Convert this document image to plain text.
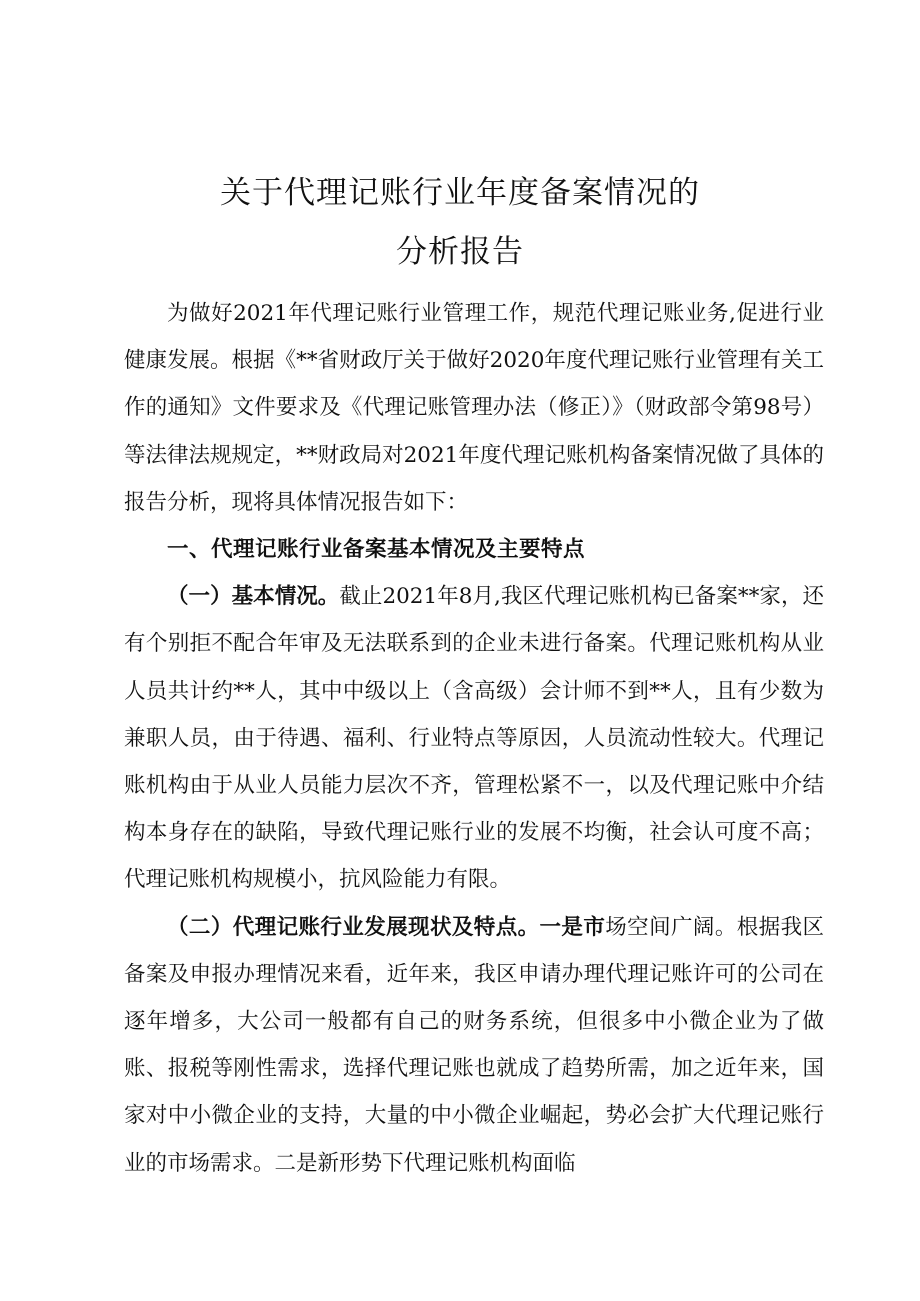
关于代理记账行业年度备案情况的
分析报告

为做好2021年代理记账行业管理工作，规范代理记账业务,促进行业健康发展。根据《**省财政厅关于做好2020年度代理记账行业管理有关工作的通知》文件要求及《代理记账管理办法（修正）》（财政部令第98号）等法律法规规定，**财政局对2021年度代理记账机构备案情况做了具体的报告分析，现将具体情况报告如下：

一、代理记账行业备案基本情况及主要特点

（一）基本情况。截止2021年8月,我区代理记账机构已备案**家，还有个别拒不配合年审及无法联系到的企业未进行备案。代理记账机构从业人员共计约**人，其中中级以上（含高级）会计师不到**人，且有少数为兼职人员，由于待遇、福利、行业特点等原因，人员流动性较大。代理记账机构由于从业人员能力层次不齐，管理松紧不一，以及代理记账中介结构本身存在的缺陷，导致代理记账行业的发展不均衡，社会认可度不高；代理记账机构规模小，抗风险能力有限。

（二）代理记账行业发展现状及特点。一是市场空间广阔。根据我区备案及申报办理情况来看，近年来，我区申请办理代理记账许可的公司在逐年增多，大公司一般都有自己的财务系统，但很多中小微企业为了做账、报税等刚性需求，选择代理记账也就成了趋势所需，加之近年来，国家对中小微企业的支持，大量的中小微企业崛起，势必会扩大代理记账行业的市场需求。二是新形势下代理记账机构面临
